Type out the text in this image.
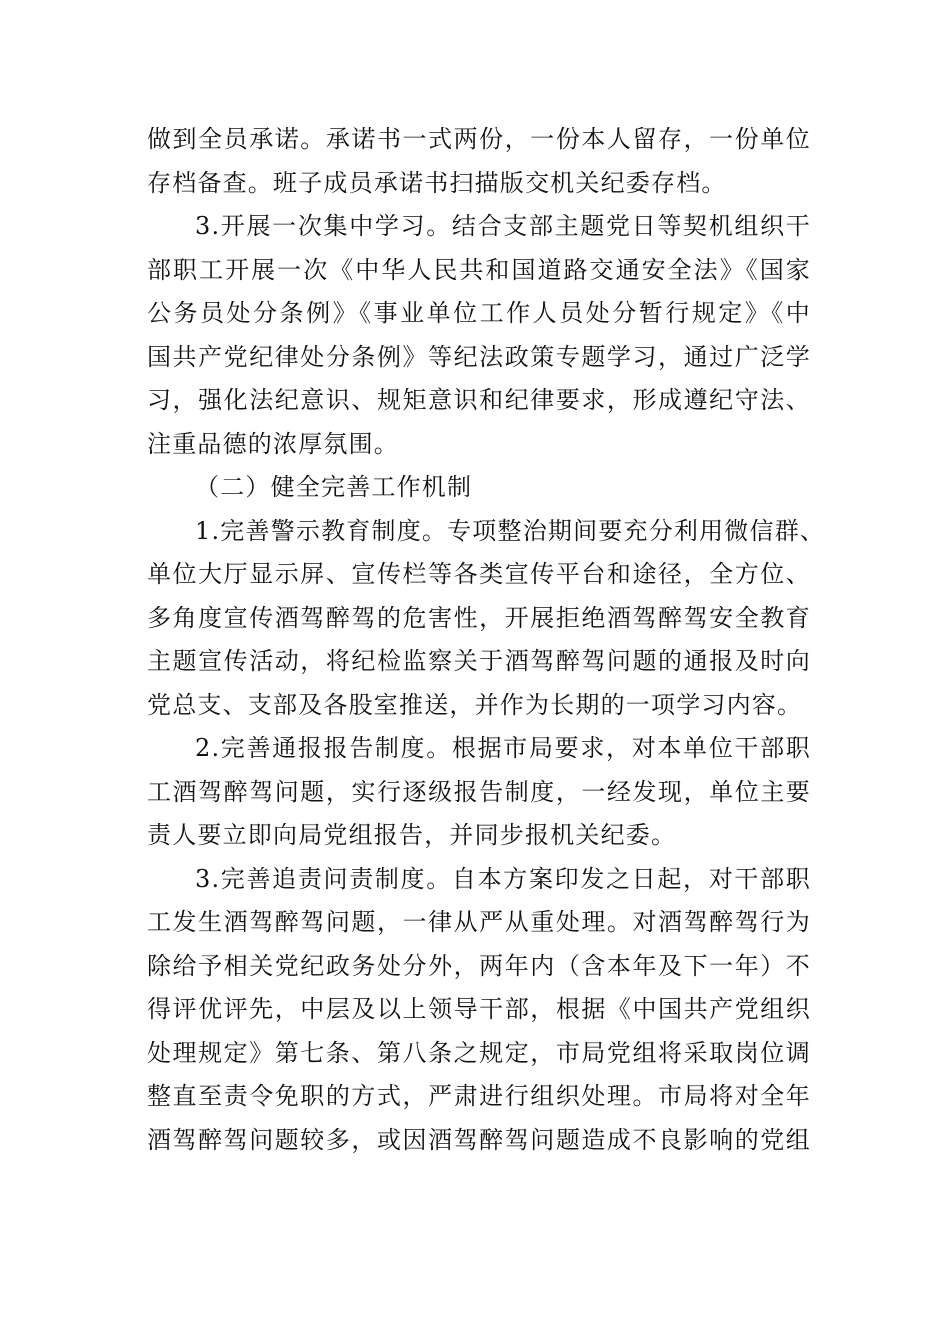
做到全员承诺。承诺书一式两份，一份本人留存，一份单位
存档备查。班子成员承诺书扫描版交机关纪委存档。
3.开展一次集中学习。结合支部主题党日等契机组织干
部职工开展一次《中华人民共和国道路交通安全法》《国家
公务员处分条例》《事业单位工作人员处分暂行规定》《中
国共产党纪律处分条例》等纪法政策专题学习，通过广泛学
习，强化法纪意识、规矩意识和纪律要求，形成遵纪守法、
注重品德的浓厚氛围。
（二）健全完善工作机制
1.完善警示教育制度。专项整治期间要充分利用微信群、
单位大厅显示屏、宣传栏等各类宣传平台和途径，全方位、
多角度宣传酒驾醉驾的危害性，开展拒绝酒驾醉驾安全教育
主题宣传活动，将纪检监察关于酒驾醉驾问题的通报及时向
党总支、支部及各股室推送，并作为长期的一项学习内容。
2.完善通报报告制度。根据市局要求，对本单位干部职
工酒驾醉驾问题，实行逐级报告制度，一经发现，单位主要
责人要立即向局党组报告，并同步报机关纪委。
3.完善追责问责制度。自本方案印发之日起，对干部职
工发生酒驾醉驾问题，一律从严从重处理。对酒驾醉驾行为
除给予相关党纪政务处分外，两年内（含本年及下一年）不
得评优评先，中层及以上领导干部，根据《中国共产党组织
处理规定》第七条、第八条之规定，市局党组将采取岗位调
整直至责令免职的方式，严肃进行组织处理。市局将对全年
酒驾醉驾问题较多，或因酒驾醉驾问题造成不良影响的党组
